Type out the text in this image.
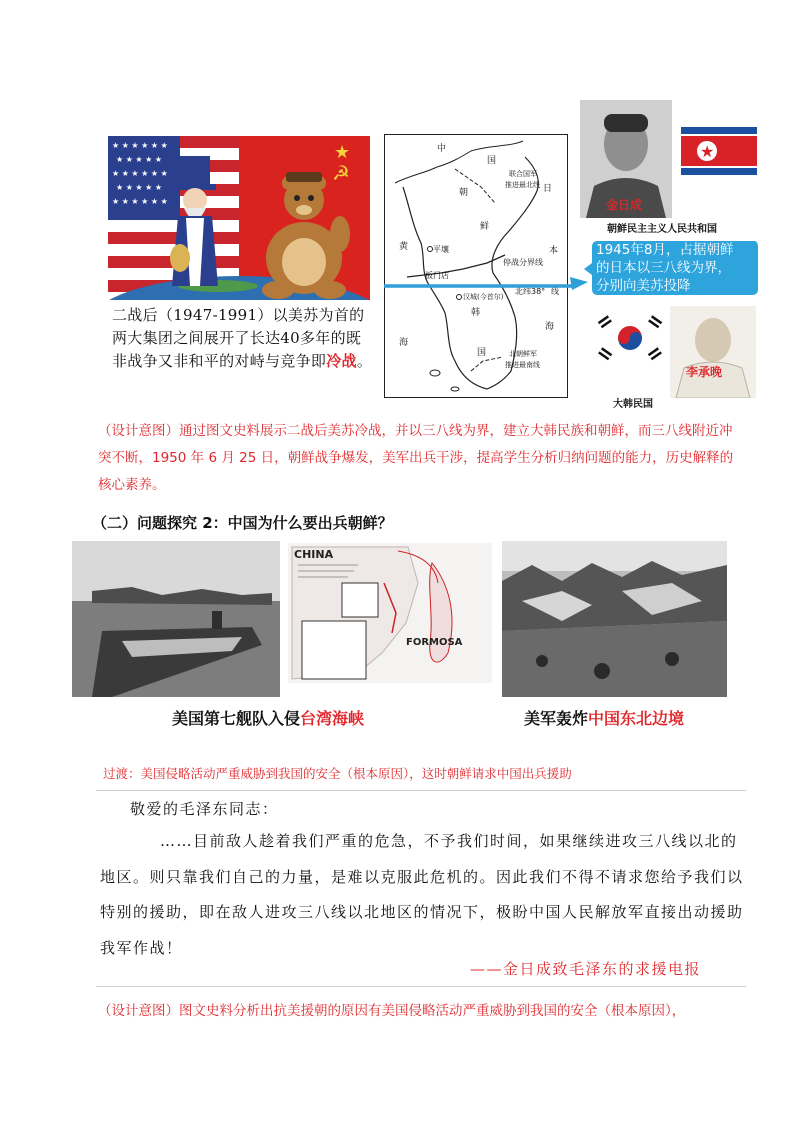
★ ★ ★ ★ ★ ★
★ ★ ★ ★ ★
★ ★ ★ ★ ★ ★
★ ★ ★ ★ ★
★ ★ ★ ★ ★ ★
★
☭
二战后（1947-1991）以美苏为首的两大集团之间展开了长达40多年的既非战争又非和平的对峙与竞争即冷战。
中
国
朝
鲜
日
本
黄
海
海
韩
国
平壤
板门店
汉城(今首尔)
北纬38° 线
停战分界线
联合国军
推进最北线
北朝鲜军
推进最南线
★
金日成
朝鲜民主主义人民共和国
1945年8月，占据朝鲜
的日本以三八线为界，
分别向美苏投降
李承晚
大韩民国
（设计意图）通过图文史料展示二战后美苏冷战，并以三八线为界，建立大韩民族和朝鲜，而三八线附近冲突不断，1950 年 6 月 25 日，朝鲜战争爆发，美军出兵干涉，提高学生分析归纳问题的能力，历史解释的核心素养。
（二）问题探究 2：中国为什么要出兵朝鲜？
CHINA
FORMOSA
美国第七舰队入侵台湾海峡	美军轰炸中国东北边境
过渡：美国侵略活动严重威胁到我国的安全（根本原因），这时朝鲜请求中国出兵援助
敬爱的毛泽东同志：
……目前敌人趁着我们严重的危急，不予我们时间，如果继续进攻三八线以北的地区。则只靠我们自己的力量，是难以克服此危机的。因此我们不得不请求您给予我们以特别的援助，即在敌人进攻三八线以北地区的情况下，极盼中国人民解放军直接出动援助我军作战！
——金日成致毛泽东的求援电报
（设计意图）图文史料分析出抗美援朝的原因有美国侵略活动严重威胁到我国的安全（根本原因），
